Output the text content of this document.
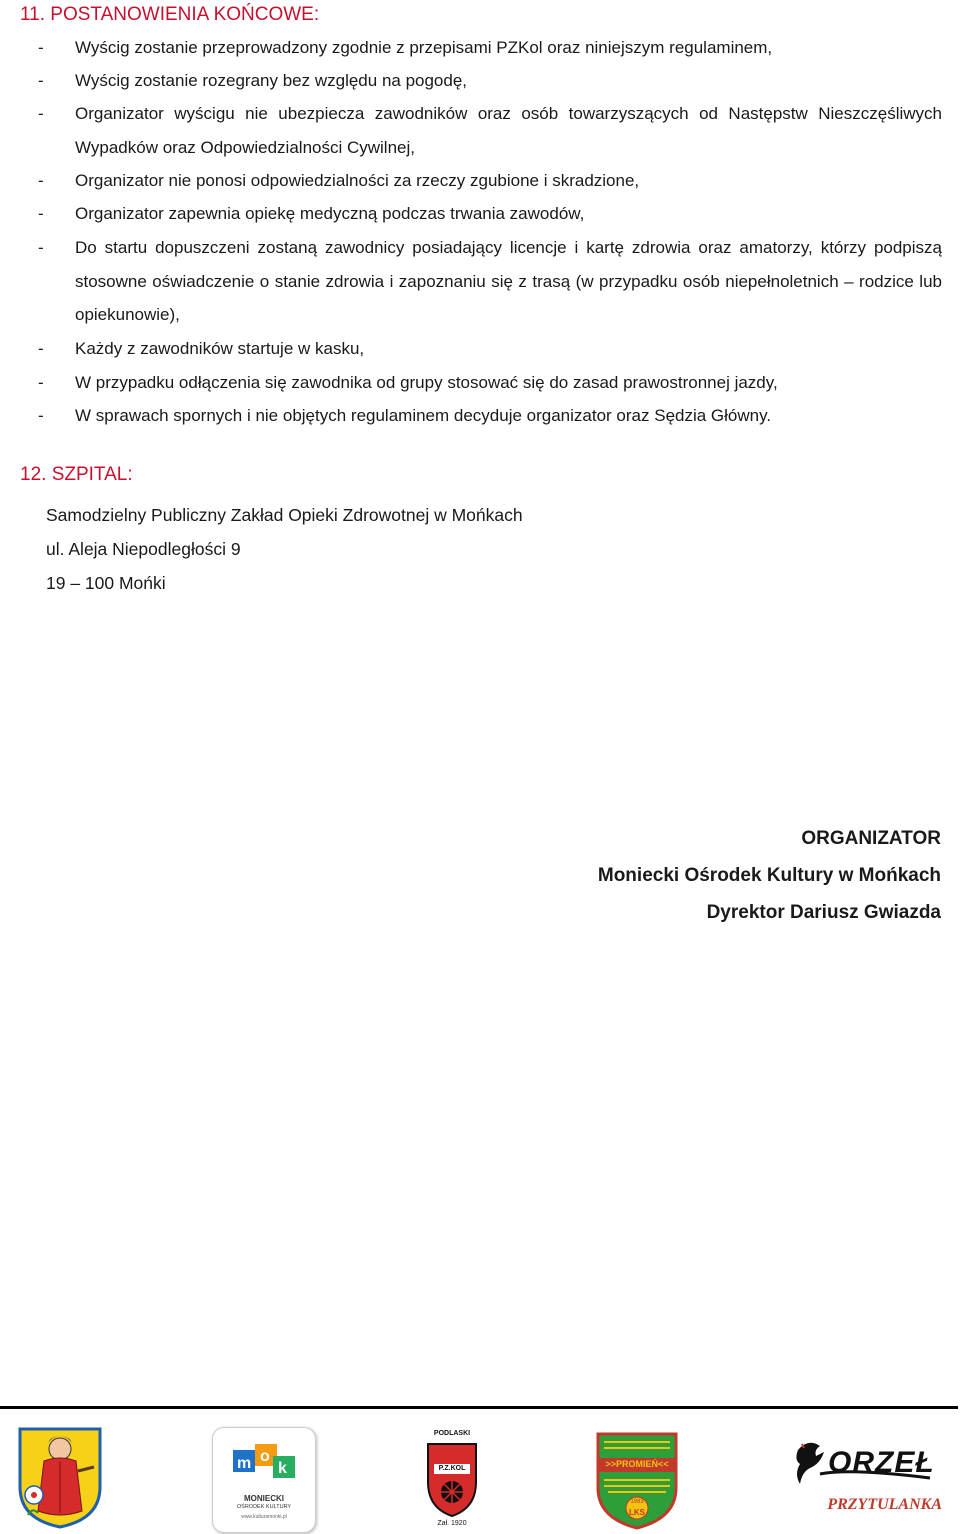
11. POSTANOWIENIA KOŃCOWE:
-	Wyścig zostanie przeprowadzony zgodnie z przepisami PZKol oraz niniejszym regulaminem,
-	Wyścig zostanie rozegrany bez względu na pogodę,
-	Organizator wyścigu nie ubezpiecza zawodników oraz osób towarzyszących od Następstw Nieszczęśliwych Wypadków oraz Odpowiedzialności Cywilnej,
-	Organizator nie ponosi odpowiedzialności za rzeczy zgubione i skradzione,
-	Organizator zapewnia opiekę medyczną podczas trwania zawodów,
-	Do startu dopuszczeni zostaną zawodnicy posiadający licencje i kartę zdrowia oraz amatorzy, którzy podpiszą stosowne oświadczenie o stanie zdrowia i zapoznaniu się z trasą (w przypadku osób niepełnoletnich – rodzice lub opiekunowie),
-	Każdy z zawodników startuje w kasku,
-	W przypadku odłączenia się zawodnika od grupy stosować się do zasad prawostronnej jazdy,
-	W sprawach spornych i nie objętych regulaminem decyduje organizator oraz Sędzia Główny.
12. SZPITAL:

Samodzielny Publiczny Zakład Opieki Zdrowotnej w Mońkach

ul. Aleja Niepodległości 9

19 – 100 Mońki

ORGANIZATOR

Moniecki Ośrodek Kultury w Mońkach

Dyrektor Dariusz Gwiazda

m o
k
MONIECKI
OŚRODEK KULTURY
www.kulturamonki.pl
PODLASKI
P.Z.KOL
Zał. 1920
>>PROMIEŃ<<
1983
LKS
ORZEŁ
PRZYTULANKA
